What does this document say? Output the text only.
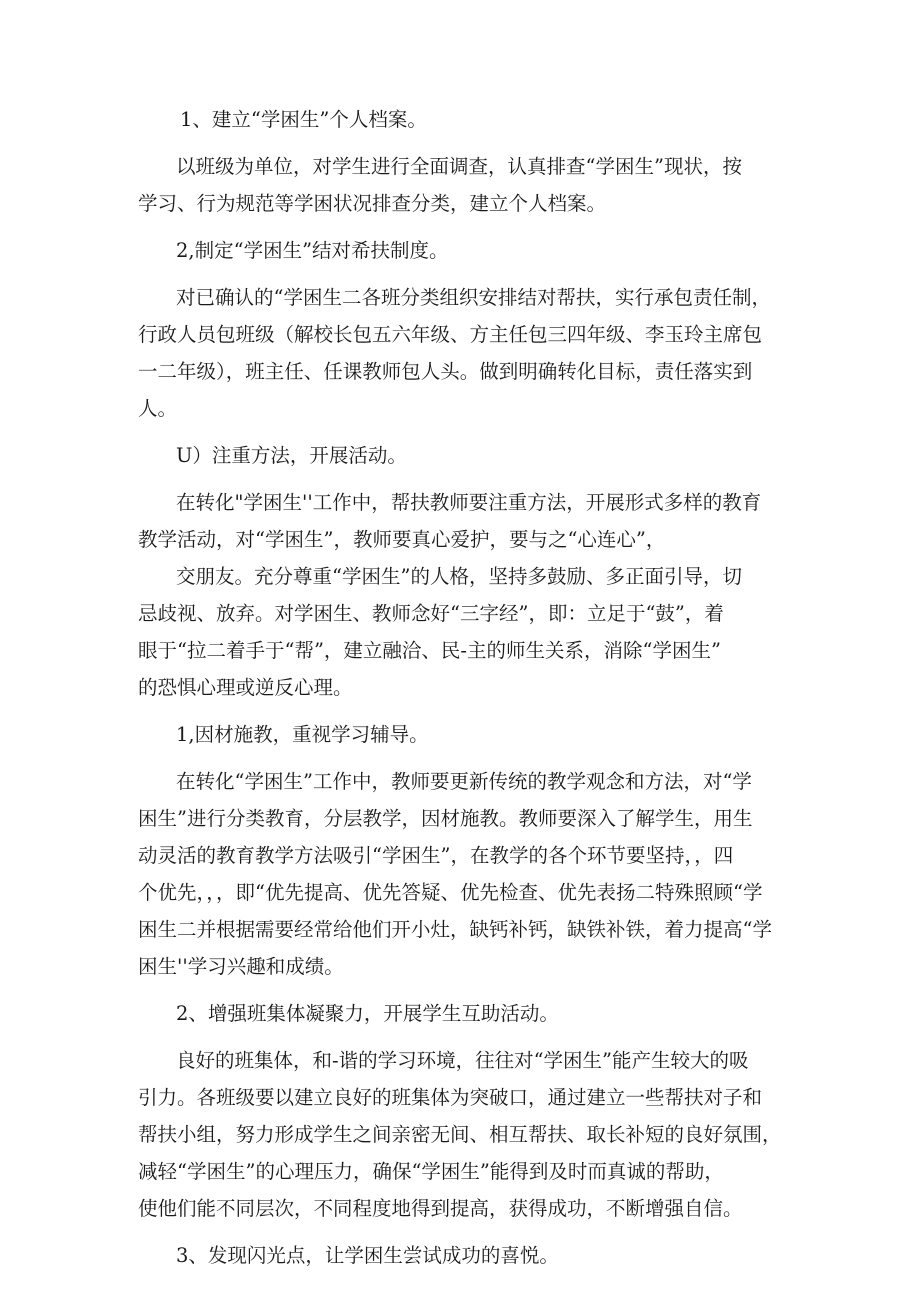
1、建立“学困生”个人档案。

以班级为单位，对学生进行全面调查，认真排查“学困生”现状，按

学习、行为规范等学困状况排查分类，建立个人档案。

2,制定“学困生”结对希扶制度。

对已确认的“学困生二各班分类组织安排结对帮扶，实行承包责任制，

行政人员包班级（解校长包五六年级、方主任包三四年级、李玉玲主席包

一二年级），班主任、任课教师包人头。做到明确转化目标，责任落实到

人。

U）注重方法，开展活动。

在转化"学困生''工作中，帮扶教师要注重方法，开展形式多样的教育

教学活动，对“学困生”，教师要真心爱护，要与之“心连心”，

交朋友。充分尊重“学困生”的人格，坚持多鼓励、多正面引导，切

忌歧视、放弃。对学困生、教师念好“三字经”，即：立足于“鼓”，着

眼于“拉二着手于“帮”，建立融洽、民-主的师生关系，消除“学困生”

的恐惧心理或逆反心理。

1,因材施教，重视学习辅导。

在转化“学困生”工作中，教师要更新传统的教学观念和方法，对“学

困生”进行分类教育，分层教学，因材施教。教师要深入了解学生，用生

动灵活的教育教学方法吸引“学困生”，在教学的各个环节要坚持，，四

个优先，，，即“优先提高、优先答疑、优先检查、优先表扬二特殊照顾“学

困生二并根据需要经常给他们开小灶，缺钙补钙，缺铁补铁，着力提高“学

困生''学习兴趣和成绩。

2、增强班集体凝聚力，开展学生互助活动。

良好的班集体，和-谐的学习环境，往往对“学困生”能产生较大的吸

引力。各班级要以建立良好的班集体为突破口，通过建立一些帮扶对子和

帮扶小组，努力形成学生之间亲密无间、相互帮扶、取长补短的良好氛围，

减轻“学困生”的心理压力，确保“学困生”能得到及时而真诚的帮助，

使他们能不同层次，不同程度地得到提高，获得成功，不断增强自信。

3、发现闪光点，让学困生尝试成功的喜悦。
